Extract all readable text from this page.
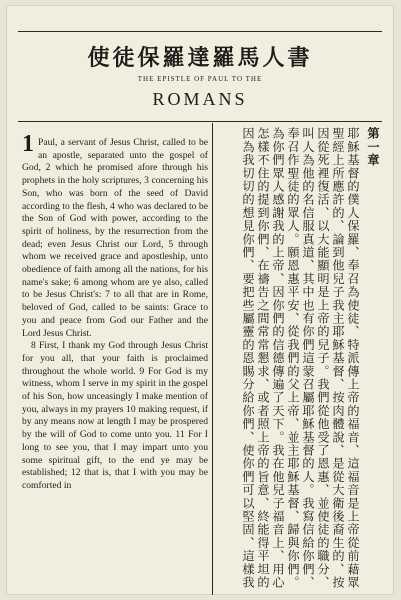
使徒保羅達羅馬人書
THE EPISTLE OF PAUL TO THE
ROMANS
1 Paul, a servant of Jesus Christ, called to be an apostle, separated unto the gospel of God, 2 which he promised afore through his prophets in the holy scriptures, 3 concerning his Son, who was born of the seed of David according to the flesh, 4 who was declared to be the Son of God with power, according to the spirit of holiness, by the resurrection from the dead; even Jesus Christ our Lord, 5 through whom we received grace and apostleship, unto obedience of faith among all the nations, for his name's sake; 6 among whom are ye also, called to be Jesus Christ's: 7 to all that are in Rome, beloved of God, called to be saints: Grace to you and peace from God our Father and the Lord Jesus Christ.

8 First, I thank my God through Jesus Christ for you all, that your faith is proclaimed throughout the whole world. 9 For God is my witness, whom I serve in my spirit in the gospel of his Son, how unceasingly I make mention of you, always in my prayers 10 making request, if by any means now at length I may be prospered by the will of God to come unto you. 11 For I long to see you, that I may impart unto you some spiritual gift, to the end ye may be established; 12 that is, that I with you may be comforted in

第一章
耶穌基督的僕人保羅、奉召為使徒、特派傳上帝的福音、這福音是上帝從前藉眾
聖經上所應許的、論到他兒子我主耶穌基督、按肉體說、是從大衛後裔生的、按
因從死裡復活、以大能顯明是上帝的兒子。我們從他受了恩惠、並使徒的職分、
叫人為他的名信服真道、其中也有你們這蒙召屬耶穌基督的人。我寫信給你們、
奉召作聖徒的眾人。願恩惠平安、從我們的父上帝、並主耶穌基督、歸與你們。
為你們眾人感謝我的上帝、因你們的信德傳遍了天下。我在他兒子福音上、用心
怎樣不住的提到你們、在禱告之間常常懇求、或者照上帝的旨意、終能得平坦的
因為我切切的想見你們、要把些屬靈的恩賜分給你們、使你們可以堅固、這樣我
